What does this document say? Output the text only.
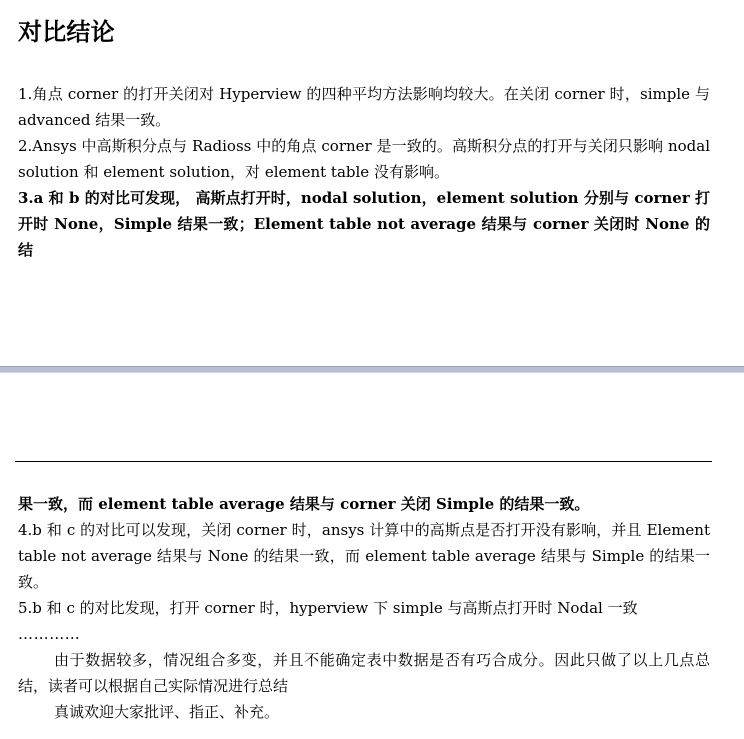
对比结论

1.角点 corner 的打开关闭对 Hyperview 的四种平均方法影响均较大。在关闭 corner 时，simple 与 advanced 结果一致。

2.Ansys 中高斯积分点与 Radioss 中的角点 corner 是一致的。高斯积分点的打开与关闭只影响 nodal solution 和 element solution，对 element table 没有影响。

3.a 和 b 的对比可发现， 高斯点打开时，nodal solution，element solution 分别与 corner 打开时 None，Simple 结果一致；Element table not average 结果与 corner 关闭时 None 的结

果一致，而 element table average 结果与 corner 关闭 Simple 的结果一致。

4.b 和 c 的对比可以发现，关闭 corner 时，ansys 计算中的高斯点是否打开没有影响，并且 Element table not average 结果与 None 的结果一致，而 element table average 结果与 Simple 的结果一致。

5.b 和 c 的对比发现，打开 corner 时，hyperview 下 simple 与高斯点打开时 Nodal 一致

…………

由于数据较多，情况组合多变，并且不能确定表中数据是否有巧合成分。因此只做了以上几点总结，读者可以根据自己实际情况进行总结

真诚欢迎大家批评、指正、补充。
